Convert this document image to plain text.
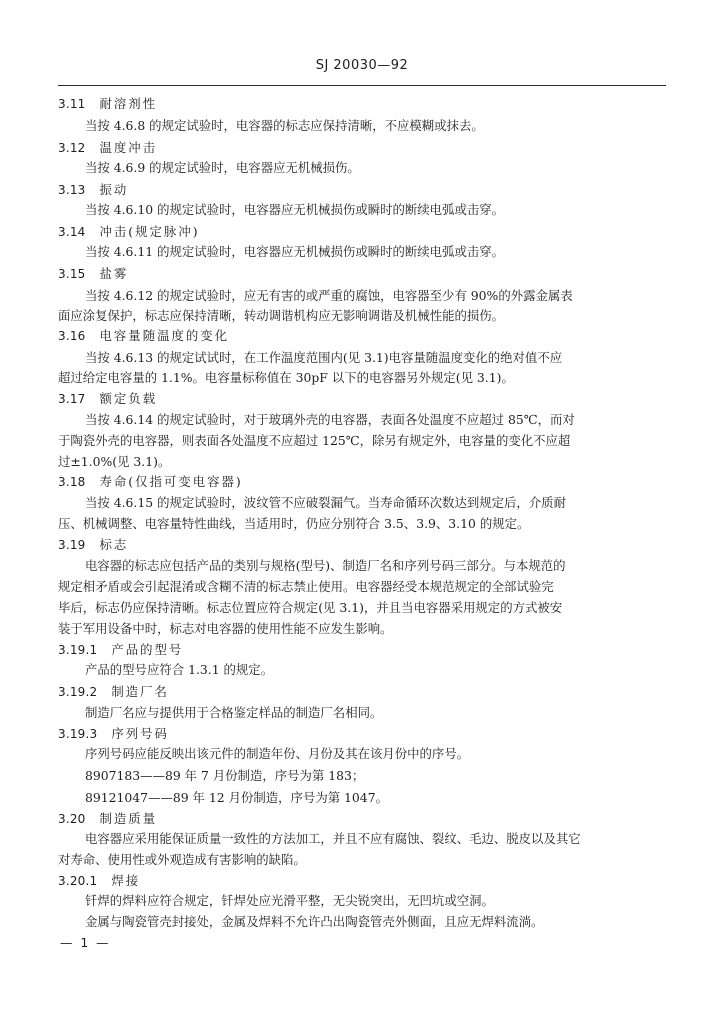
SJ 20030—92
3.11 耐溶剂性
当按 4.6.8 的规定试验时，电容器的标志应保持清晰，不应模糊或抹去。
3.12 温度冲击
当按 4.6.9 的规定试验时，电容器应无机械损伤。
3.13 振动
当按 4.6.10 的规定试验时，电容器应无机械损伤或瞬时的断续电弧或击穿。
3.14 冲击(规定脉冲)
当按 4.6.11 的规定试验时，电容器应无机械损伤或瞬时的断续电弧或击穿。
3.15 盐雾
当按 4.6.12 的规定试验时，应无有害的或严重的腐蚀，电容器至少有 90%的外露金属表
面应涂复保护，标志应保持清晰，转动调谐机构应无影响调谐及机械性能的损伤。
3.16 电容量随温度的变化
当按 4.6.13 的规定试试时，在工作温度范围内(见 3.1)电容量随温度变化的绝对值不应
超过给定电容量的 1.1%。电容量标称值在 30pF 以下的电容器另外规定(见 3.1)。
3.17 额定负载
当按 4.6.14 的规定试验时，对于玻璃外壳的电容器，表面各处温度不应超过 85℃，而对
于陶瓷外壳的电容器，则表面各处温度不应超过 125℃，除另有规定外，电容量的变化不应超
过±1.0%(见 3.1)。
3.18 寿命(仅指可变电容器)
当按 4.6.15 的规定试验时，波纹管不应破裂漏气。当寿命循环次数达到规定后，介质耐
压、机械调整、电容量特性曲线，当适用时，仍应分别符合 3.5、3.9、3.10 的规定。
3.19 标志
电容器的标志应包括产品的类别与规格(型号)、制造厂名和序列号码三部分。与本规范的
规定相矛盾或会引起混淆或含糊不清的标志禁止使用。电容器经受本规范规定的全部试验完
毕后，标志仍应保持清晰。标志位置应符合规定(见 3.1)，并且当电容器采用规定的方式被安
装于军用设备中时，标志对电容器的使用性能不应发生影响。
3.19.1 产品的型号
产品的型号应符合 1.3.1 的规定。
3.19.2 制造厂名
制造厂名应与提供用于合格鉴定样品的制造厂名相同。
3.19.3 序列号码
序列号码应能反映出该元件的制造年份、月份及其在该月份中的序号。
8907183——89 年 7 月份制造，序号为第 183；
89121047——89 年 12 月份制造，序号为第 1047。
3.20 制造质量
电容器应采用能保证质量一致性的方法加工，并且不应有腐蚀、裂纹、毛边、脱皮以及其它
对寿命、使用性或外观造成有害影响的缺陷。
3.20.1 焊接
钎焊的焊料应符合规定，钎焊处应光滑平整，无尖锐突出，无凹坑或空洞。
金属与陶瓷管壳封接处，金属及焊料不允许凸出陶瓷管壳外侧面，且应无焊料流淌。
— 1 —
